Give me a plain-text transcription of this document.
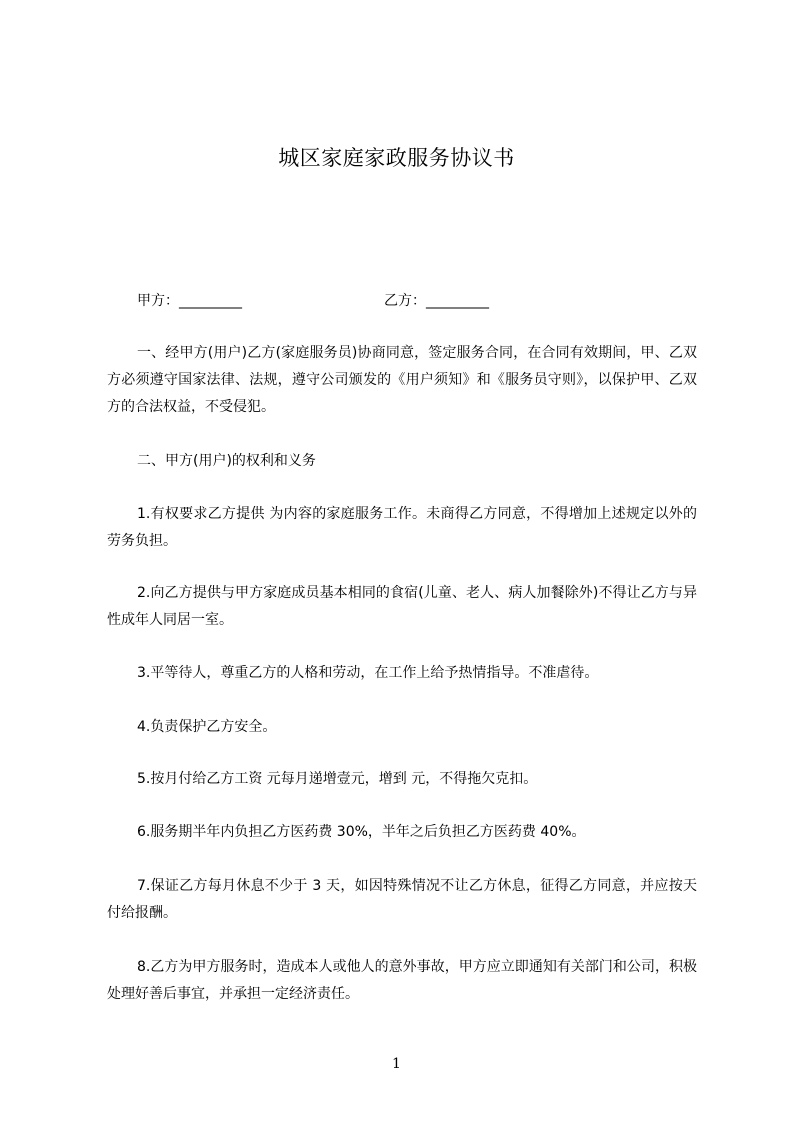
城区家庭家政服务协议书
甲方：_________	乙方：_________
一、经甲方(用户)乙方(家庭服务员)协商同意，签定服务合同，在合同有效期间，甲、乙双方必须遵守国家法律、法规，遵守公司颁发的《用户须知》和《服务员守则》，以保护甲、乙双方的合法权益，不受侵犯。
二、甲方(用户)的权利和义务
1.有权要求乙方提供 为内容的家庭服务工作。未商得乙方同意，不得增加上述规定以外的劳务负担。
2.向乙方提供与甲方家庭成员基本相同的食宿(儿童、老人、病人加餐除外)不得让乙方与异性成年人同居一室。
3.平等待人，尊重乙方的人格和劳动，在工作上给予热情指导。不准虐待。
4.负责保护乙方安全。
5.按月付给乙方工资 元每月递增壹元，增到 元，不得拖欠克扣。
6.服务期半年内负担乙方医药费 30%，半年之后负担乙方医药费 40%。
7.保证乙方每月休息不少于 3 天，如因特殊情况不让乙方休息，征得乙方同意，并应按天付给报酬。
8.乙方为甲方服务时，造成本人或他人的意外事故，甲方应立即通知有关部门和公司，积极处理好善后事宜，并承担一定经济责任。
1
